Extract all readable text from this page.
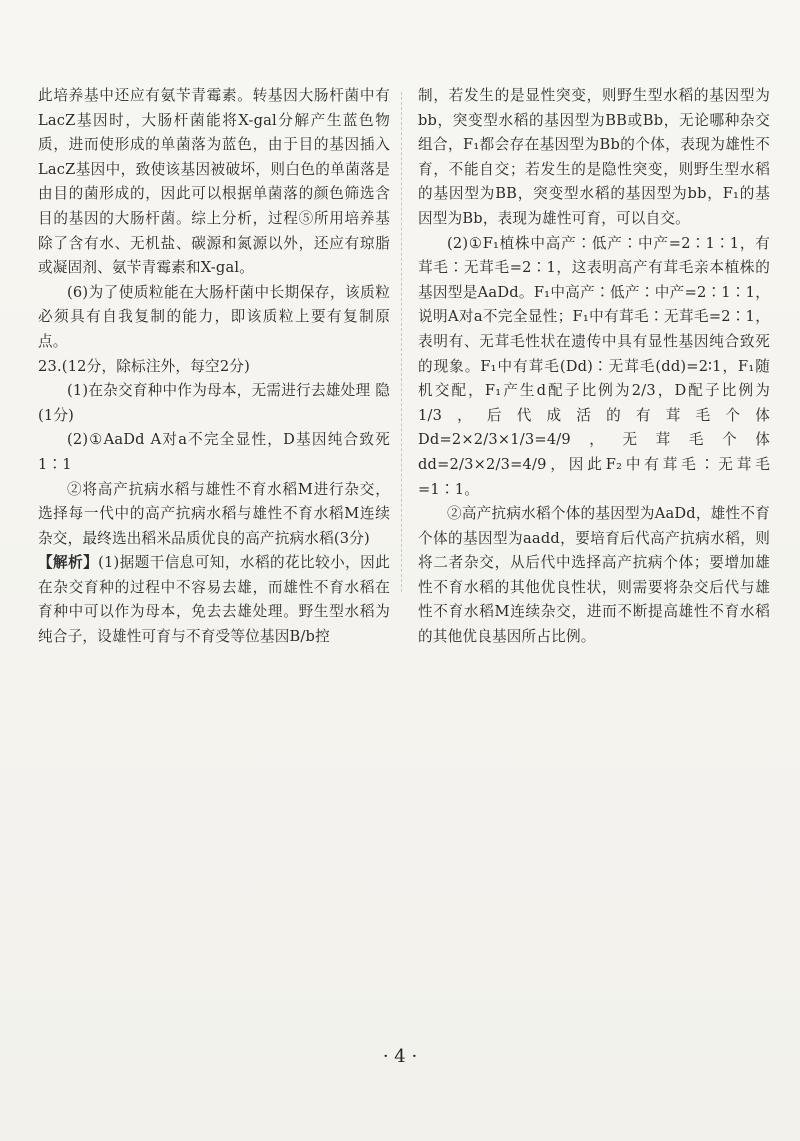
此培养基中还应有氨苄青霉素。转基因大肠杆菌中有LacZ基因时，大肠杆菌能将X-gal分解产生蓝色物质，进而使形成的单菌落为蓝色，由于目的基因插入LacZ基因中，致使该基因被破坏，则白色的单菌落是由目的菌形成的，因此可以根据单菌落的颜色筛选含目的基因的大肠杆菌。综上分析，过程⑤所用培养基除了含有水、无机盐、碳源和氮源以外，还应有琼脂或凝固剂、氨苄青霉素和X-gal。

(6)为了使质粒能在大肠杆菌中长期保存，该质粒必须具有自我复制的能力，即该质粒上要有复制原点。

23.(12分，除标注外，每空2分)

(1)在杂交育种中作为母本，无需进行去雄处理 隐(1分)

(2)①AaDd A对a不完全显性，D基因纯合致死 1∶1

②将高产抗病水稻与雄性不育水稻M进行杂交，选择每一代中的高产抗病水稻与雄性不育水稻M连续杂交，最终选出稻米品质优良的高产抗病水稻(3分)

【解析】(1)据题干信息可知，水稻的花比较小，因此在杂交育种的过程中不容易去雄，而雄性不育水稻在育种中可以作为母本，免去去雄处理。野生型水稻为纯合子，设雄性可育与不育受等位基因B/b控

制，若发生的是显性突变，则野生型水稻的基因型为bb，突变型水稻的基因型为BB或Bb，无论哪种杂交组合，F₁都会存在基因型为Bb的个体，表现为雄性不育，不能自交；若发生的是隐性突变，则野生型水稻的基因型为BB，突变型水稻的基因型为bb，F₁的基因型为Bb，表现为雄性可育，可以自交。

(2)①F₁植株中高产∶低产∶中产=2∶1∶1，有茸毛∶无茸毛=2∶1，这表明高产有茸毛亲本植株的基因型是AaDd。F₁中高产∶低产∶中产=2∶1∶1，说明A对a不完全显性；F₁中有茸毛∶无茸毛=2∶1，表明有、无茸毛性状在遗传中具有显性基因纯合致死的现象。F₁中有茸毛(Dd)∶无茸毛(dd)=2∶1，F₁随机交配，F₁产生d配子比例为2/3，D配子比例为1/3，后代成活的有茸毛个体Dd=2×2/3×1/3=4/9，无茸毛个体dd=2/3×2/3=4/9，因此F₂中有茸毛∶无茸毛=1∶1。

②高产抗病水稻个体的基因型为AaDd，雄性不育个体的基因型为aadd，要培育后代高产抗病水稻，则将二者杂交，从后代中选择高产抗病个体；要增加雄性不育水稻的其他优良性状，则需要将杂交后代与雄性不育水稻M连续杂交，进而不断提高雄性不育水稻的其他优良基因所占比例。

· 4 ·
